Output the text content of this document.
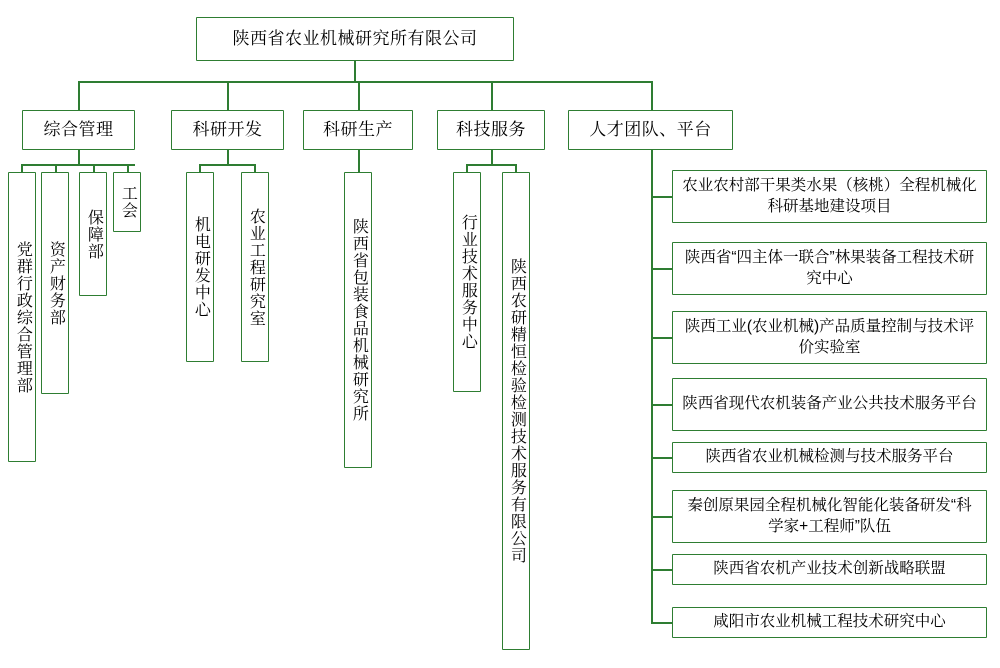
陕西省农业机械研究所有限公司
综合管理	科研开发	科研生产	科技服务	人才团队、平台
党群行政综合管理部 资产财务部
保障部
工会
机电研发中心 农业工程研究室	陕西省包装食品机械研究所	行业技术服务中心 陕西农研精恒检验检测技术服务有限公司
农业农村部干果类水果（核桃）全程机械化科研基地建设项目
陕西省“四主体一联合”林果装备工程技术研究中心
陕西工业(农业机械)产品质量控制与技术评价实验室
陕西省现代农机装备产业公共技术服务平台
陕西省农业机械检测与技术服务平台
秦创原果园全程机械化智能化装备研发“科学家+工程师”队伍
陕西省农机产业技术创新战略联盟
咸阳市农业机械工程技术研究中心
